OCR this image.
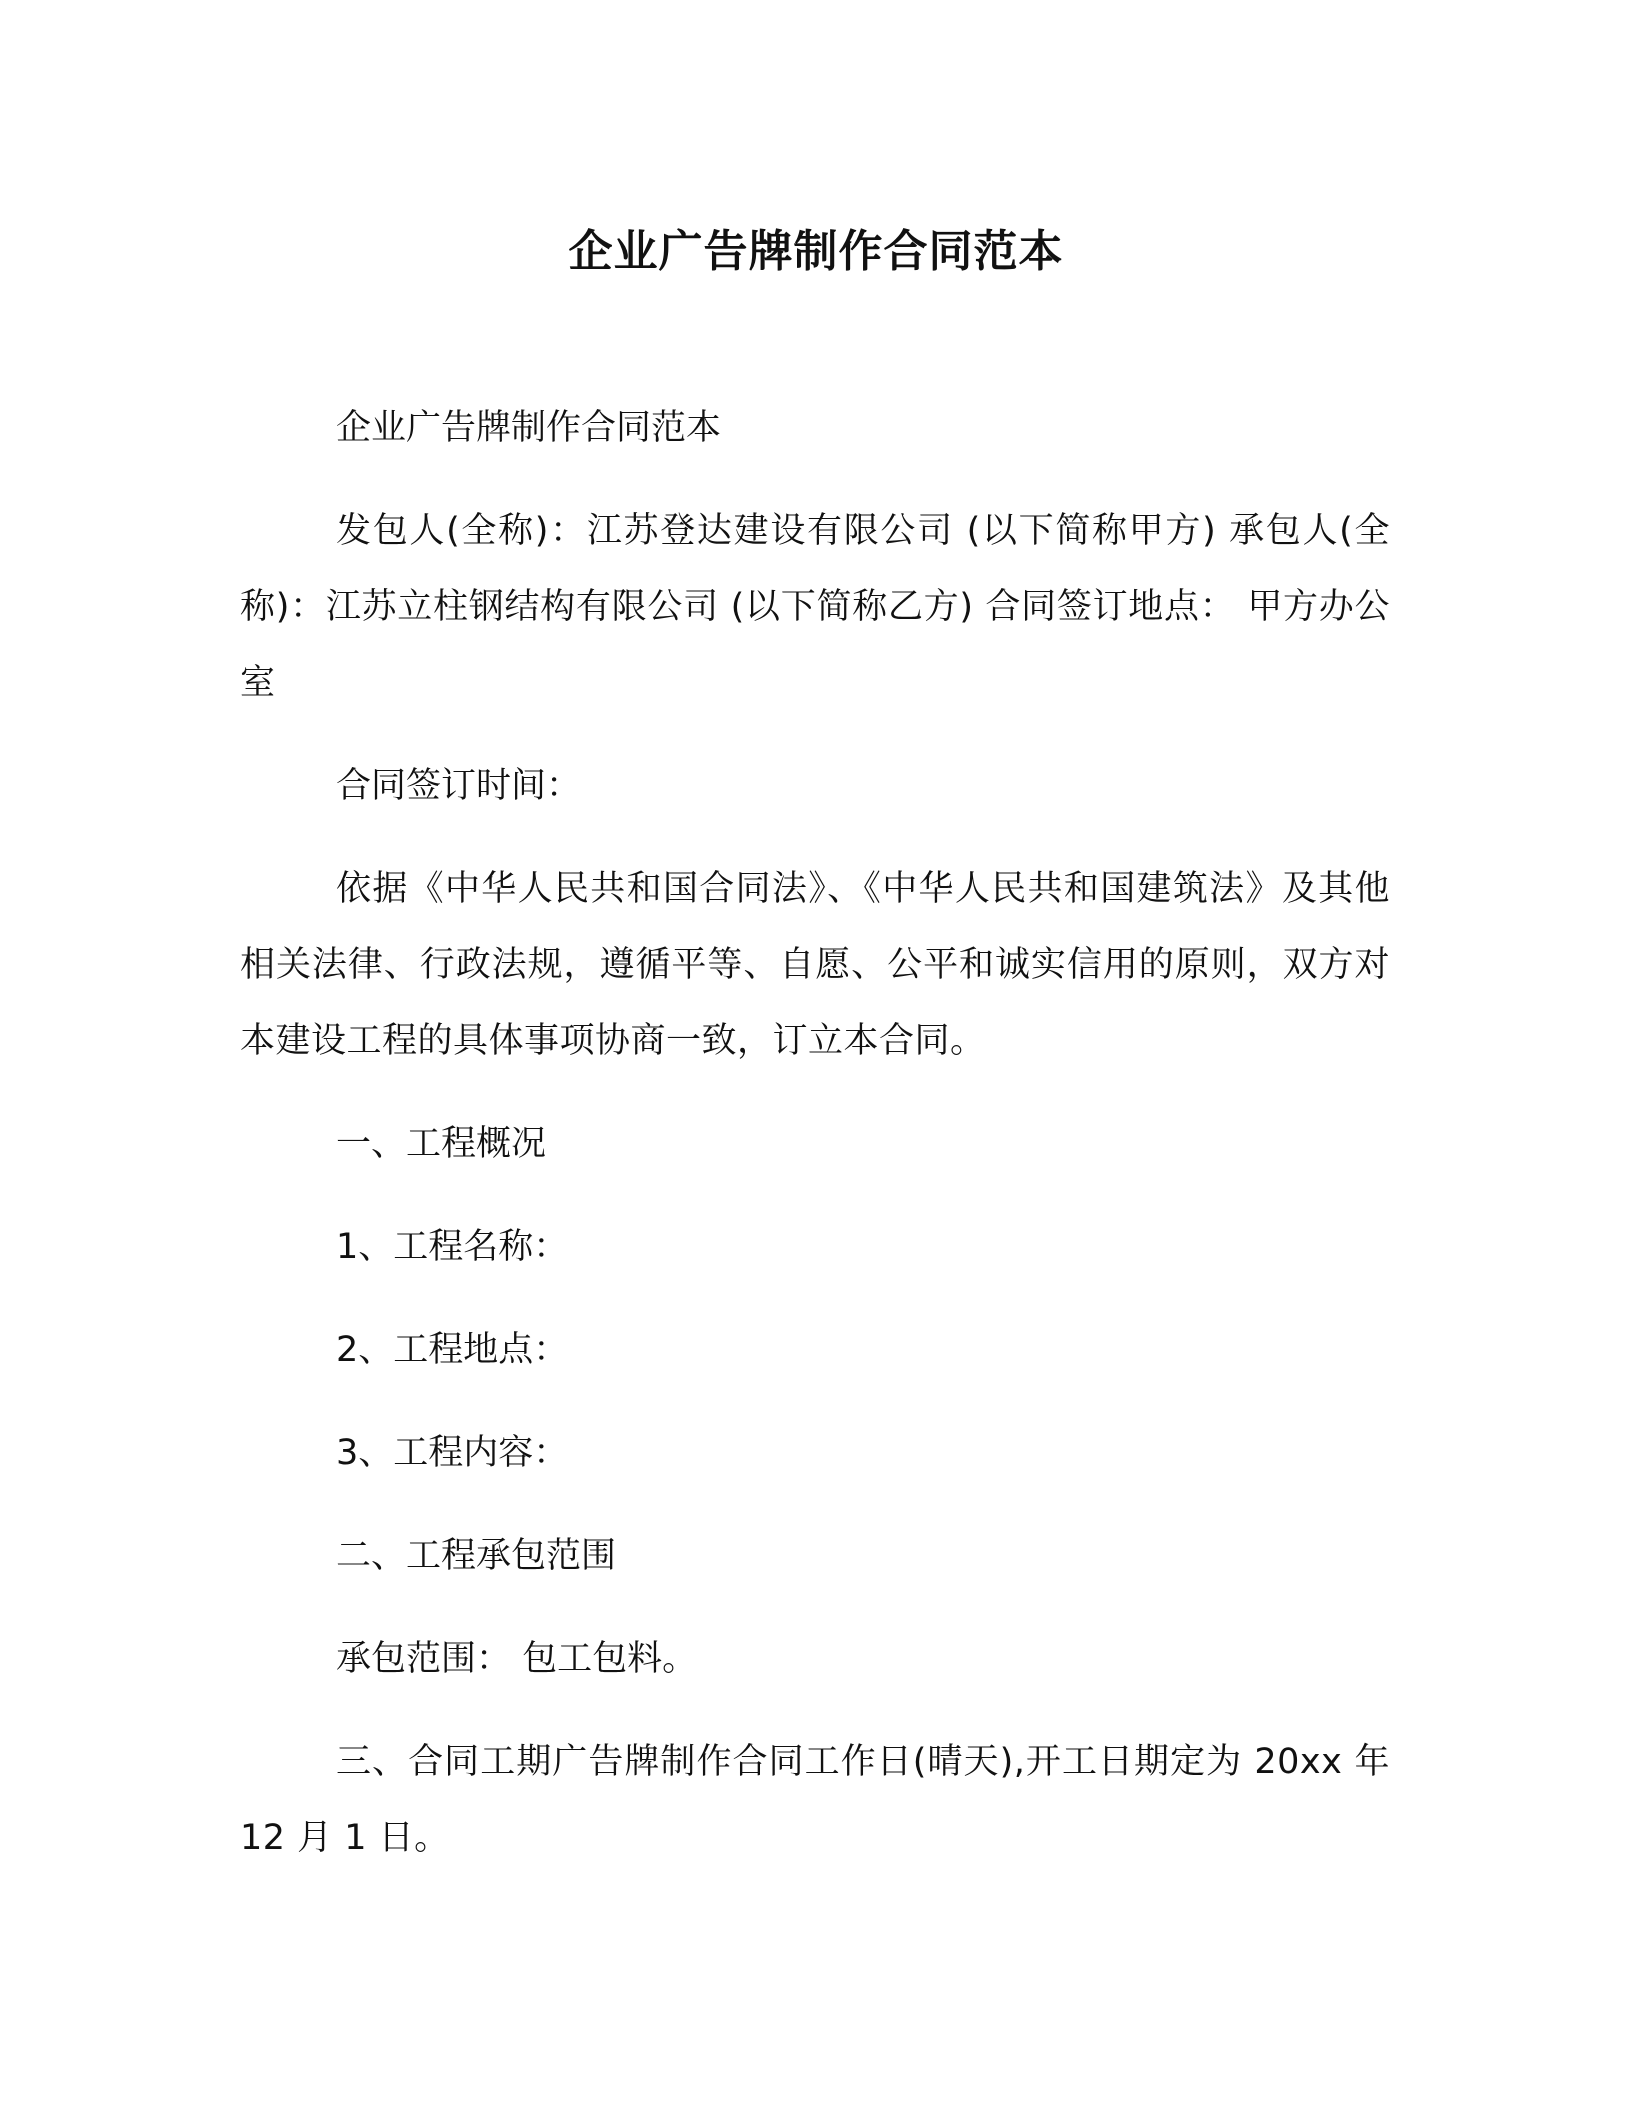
企业广告牌制作合同范本

企业广告牌制作合同范本

发包人(全称)：江苏登达建设有限公司 (以下简称甲方) 承包人(全称)：江苏立柱钢结构有限公司 (以下简称乙方) 合同签订地点： 甲方办公室

合同签订时间：

依据《中华人民共和国合同法》、《中华人民共和国建筑法》及其他相关法律、行政法规，遵循平等、自愿、公平和诚实信用的原则，双方对本建设工程的具体事项协商一致，订立本合同。

一、工程概况

1、工程名称：

2、工程地点：

3、工程内容：

二、工程承包范围

承包范围： 包工包料。

三、合同工期广告牌制作合同工作日(晴天),开工日期定为 20xx 年 12 月 1 日。
